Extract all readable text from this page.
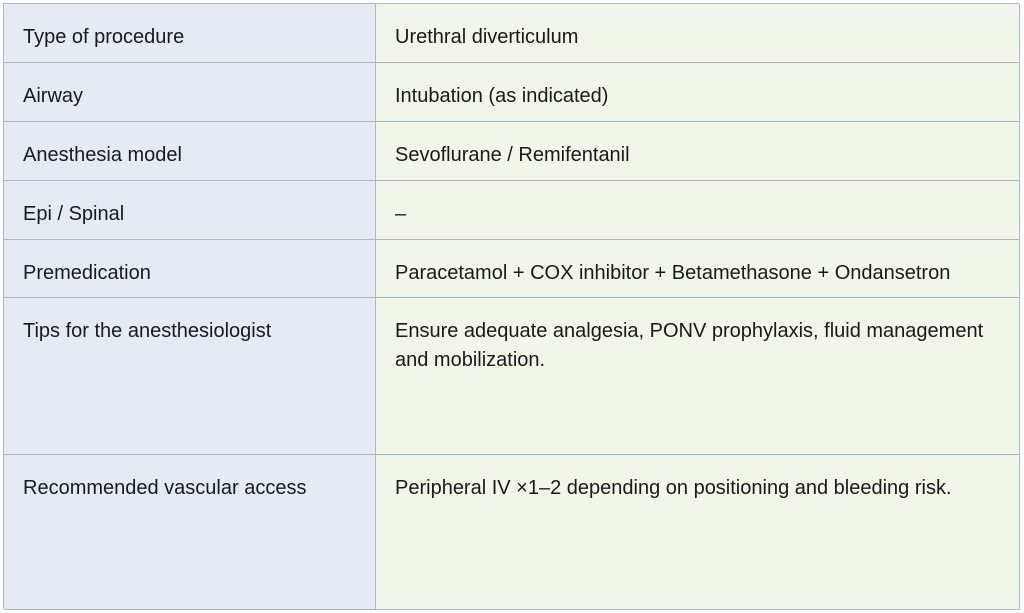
Type of procedure	Urethral diverticulum
Airway	Intubation (as indicated)
Anesthesia model	Sevoflurane / Remifentanil
Epi / Spinal	–
Premedication	Paracetamol + COX inhibitor + Betamethasone + Ondansetron
Tips for the anesthesiologist	Ensure adequate analgesia, PONV prophylaxis, fluid management and mobilization.
Recommended vascular access	Peripheral IV ×1–2 depending on positioning and bleeding risk.
